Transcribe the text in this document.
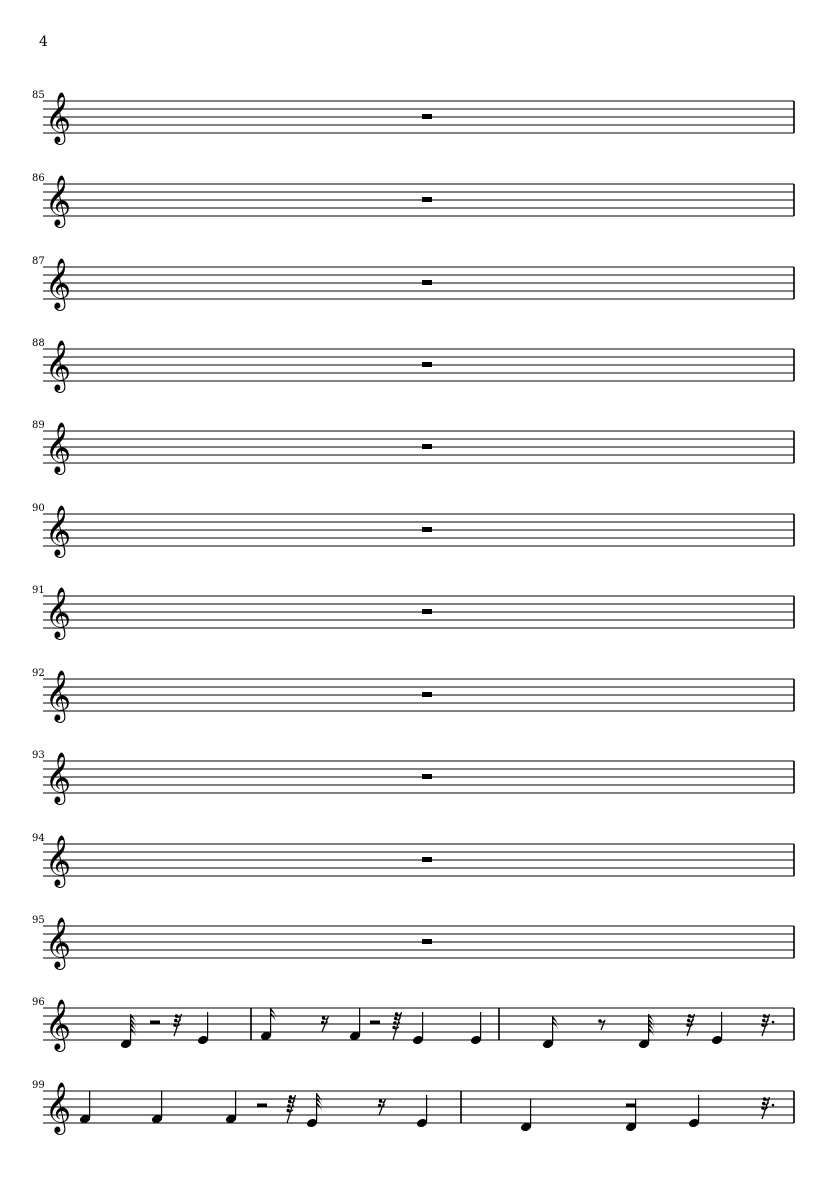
4
85 𝄞
86 𝄞
87 𝄞
88 𝄞
89 𝄞
90 𝄞
91 𝄞
92 𝄞
93 𝄞
94 𝄞
95 𝄞
96 𝄞
99 𝄞
